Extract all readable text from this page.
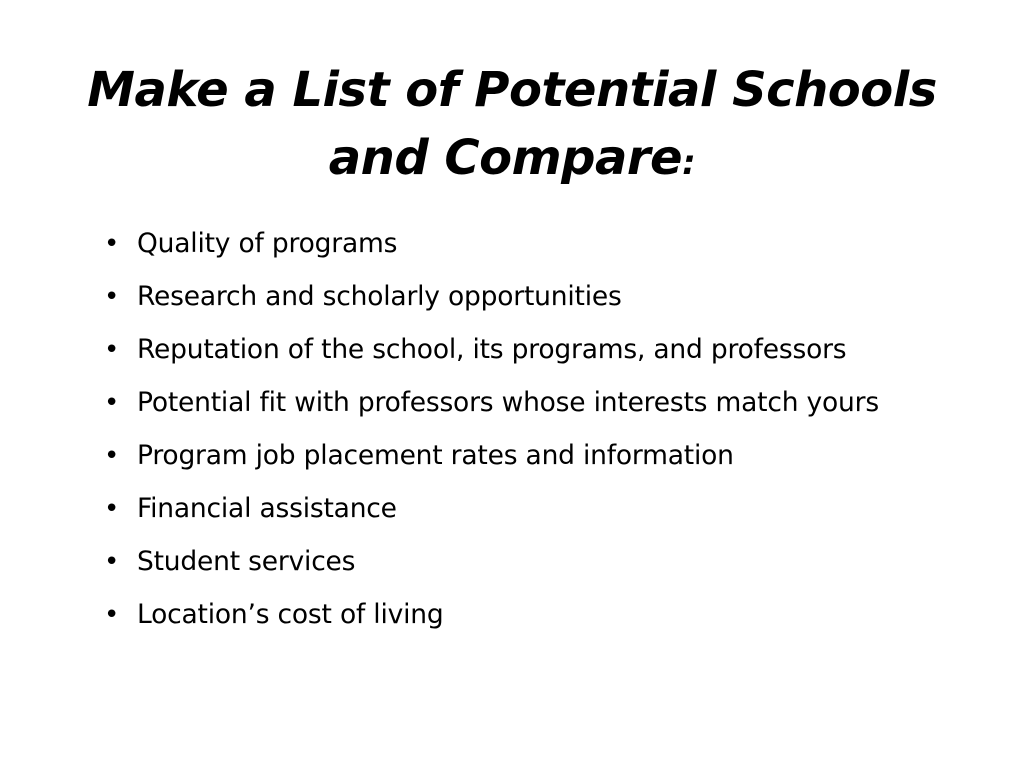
Make a List of Potential Schools and Compare:
• Quality of programs
• Research and scholarly opportunities
• Reputation of the school, its programs, and professors
• Potential fit with professors whose interests match yours
• Program job placement rates and information
• Financial assistance
• Student services
• Location’s cost of living
